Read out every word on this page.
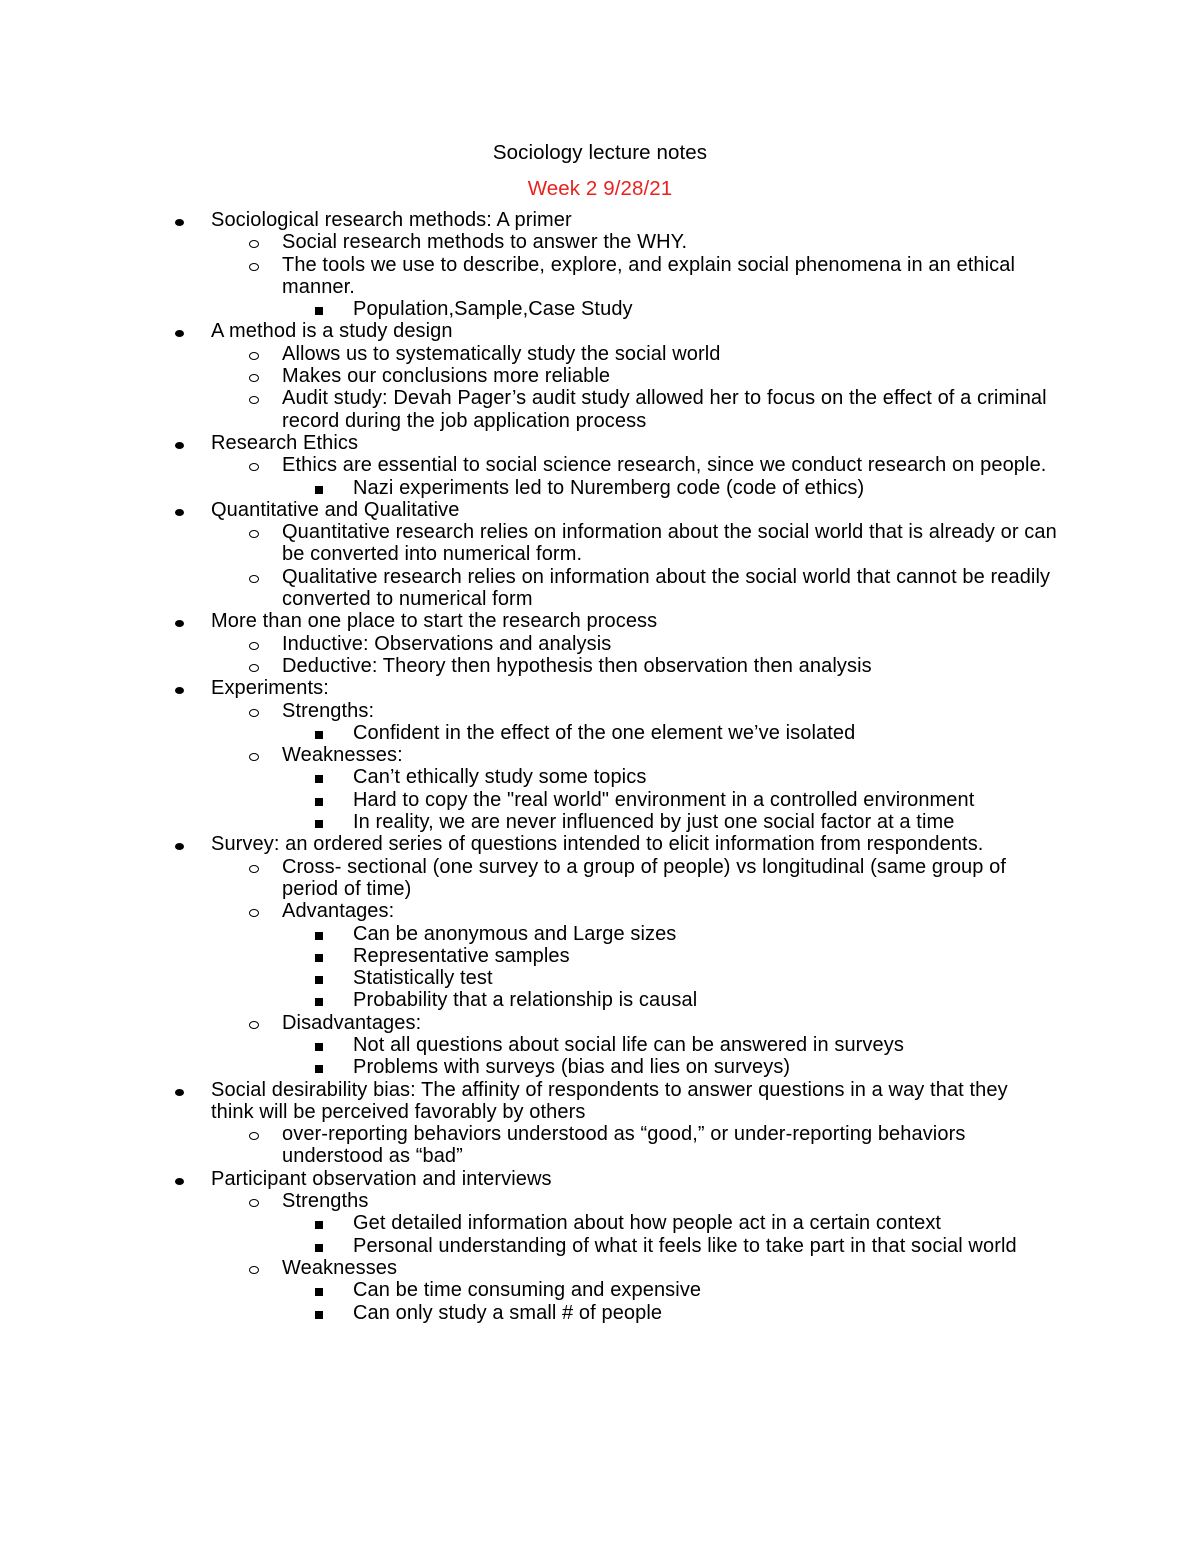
Sociology lecture notes
Week 2 9/28/21
Sociological research methods: A primer
Social research methods to answer the WHY.
The tools we use to describe, explore, and explain social phenomena in an ethical manner.
Population,Sample,Case Study
A method is a study design
Allows us to systematically study the social world
Makes our conclusions more reliable
Audit study: Devah Pager’s audit study allowed her to focus on the effect of a criminal record during the job application process
Research Ethics
Ethics are essential to social science research, since we conduct research on people.
Nazi experiments led to Nuremberg code (code of ethics)
Quantitative and Qualitative
Quantitative research relies on information about the social world that is already or can be converted into numerical form.
Qualitative research relies on information about the social world that cannot be readily converted to numerical form
More than one place to start the research process
Inductive: Observations and analysis
Deductive: Theory then hypothesis then observation then analysis
Experiments:
Strengths:
Confident in the effect of the one element we’ve isolated
Weaknesses:
Can’t ethically study some topics
Hard to copy the "real world" environment in a controlled environment
In reality, we are never influenced by just one social factor at a time
Survey: an ordered series of questions intended to elicit information from respondents.
Cross- sectional (one survey to a group of people) vs longitudinal (same group of period of time)
Advantages:
Can be anonymous and Large sizes
Representative samples
Statistically test
Probability that a relationship is causal
Disadvantages:
Not all questions about social life can be answered in surveys
Problems with surveys (bias and lies on surveys)
Social desirability bias: The affinity of respondents to answer questions in a way that they think will be perceived favorably by others
over-reporting behaviors understood as “good,” or under-reporting behaviors understood as “bad”
Participant observation and interviews
Strengths
Get detailed information about how people act in a certain context
Personal understanding of what it feels like to take part in that social world
Weaknesses
Can be time consuming and expensive
Can only study a small # of people
